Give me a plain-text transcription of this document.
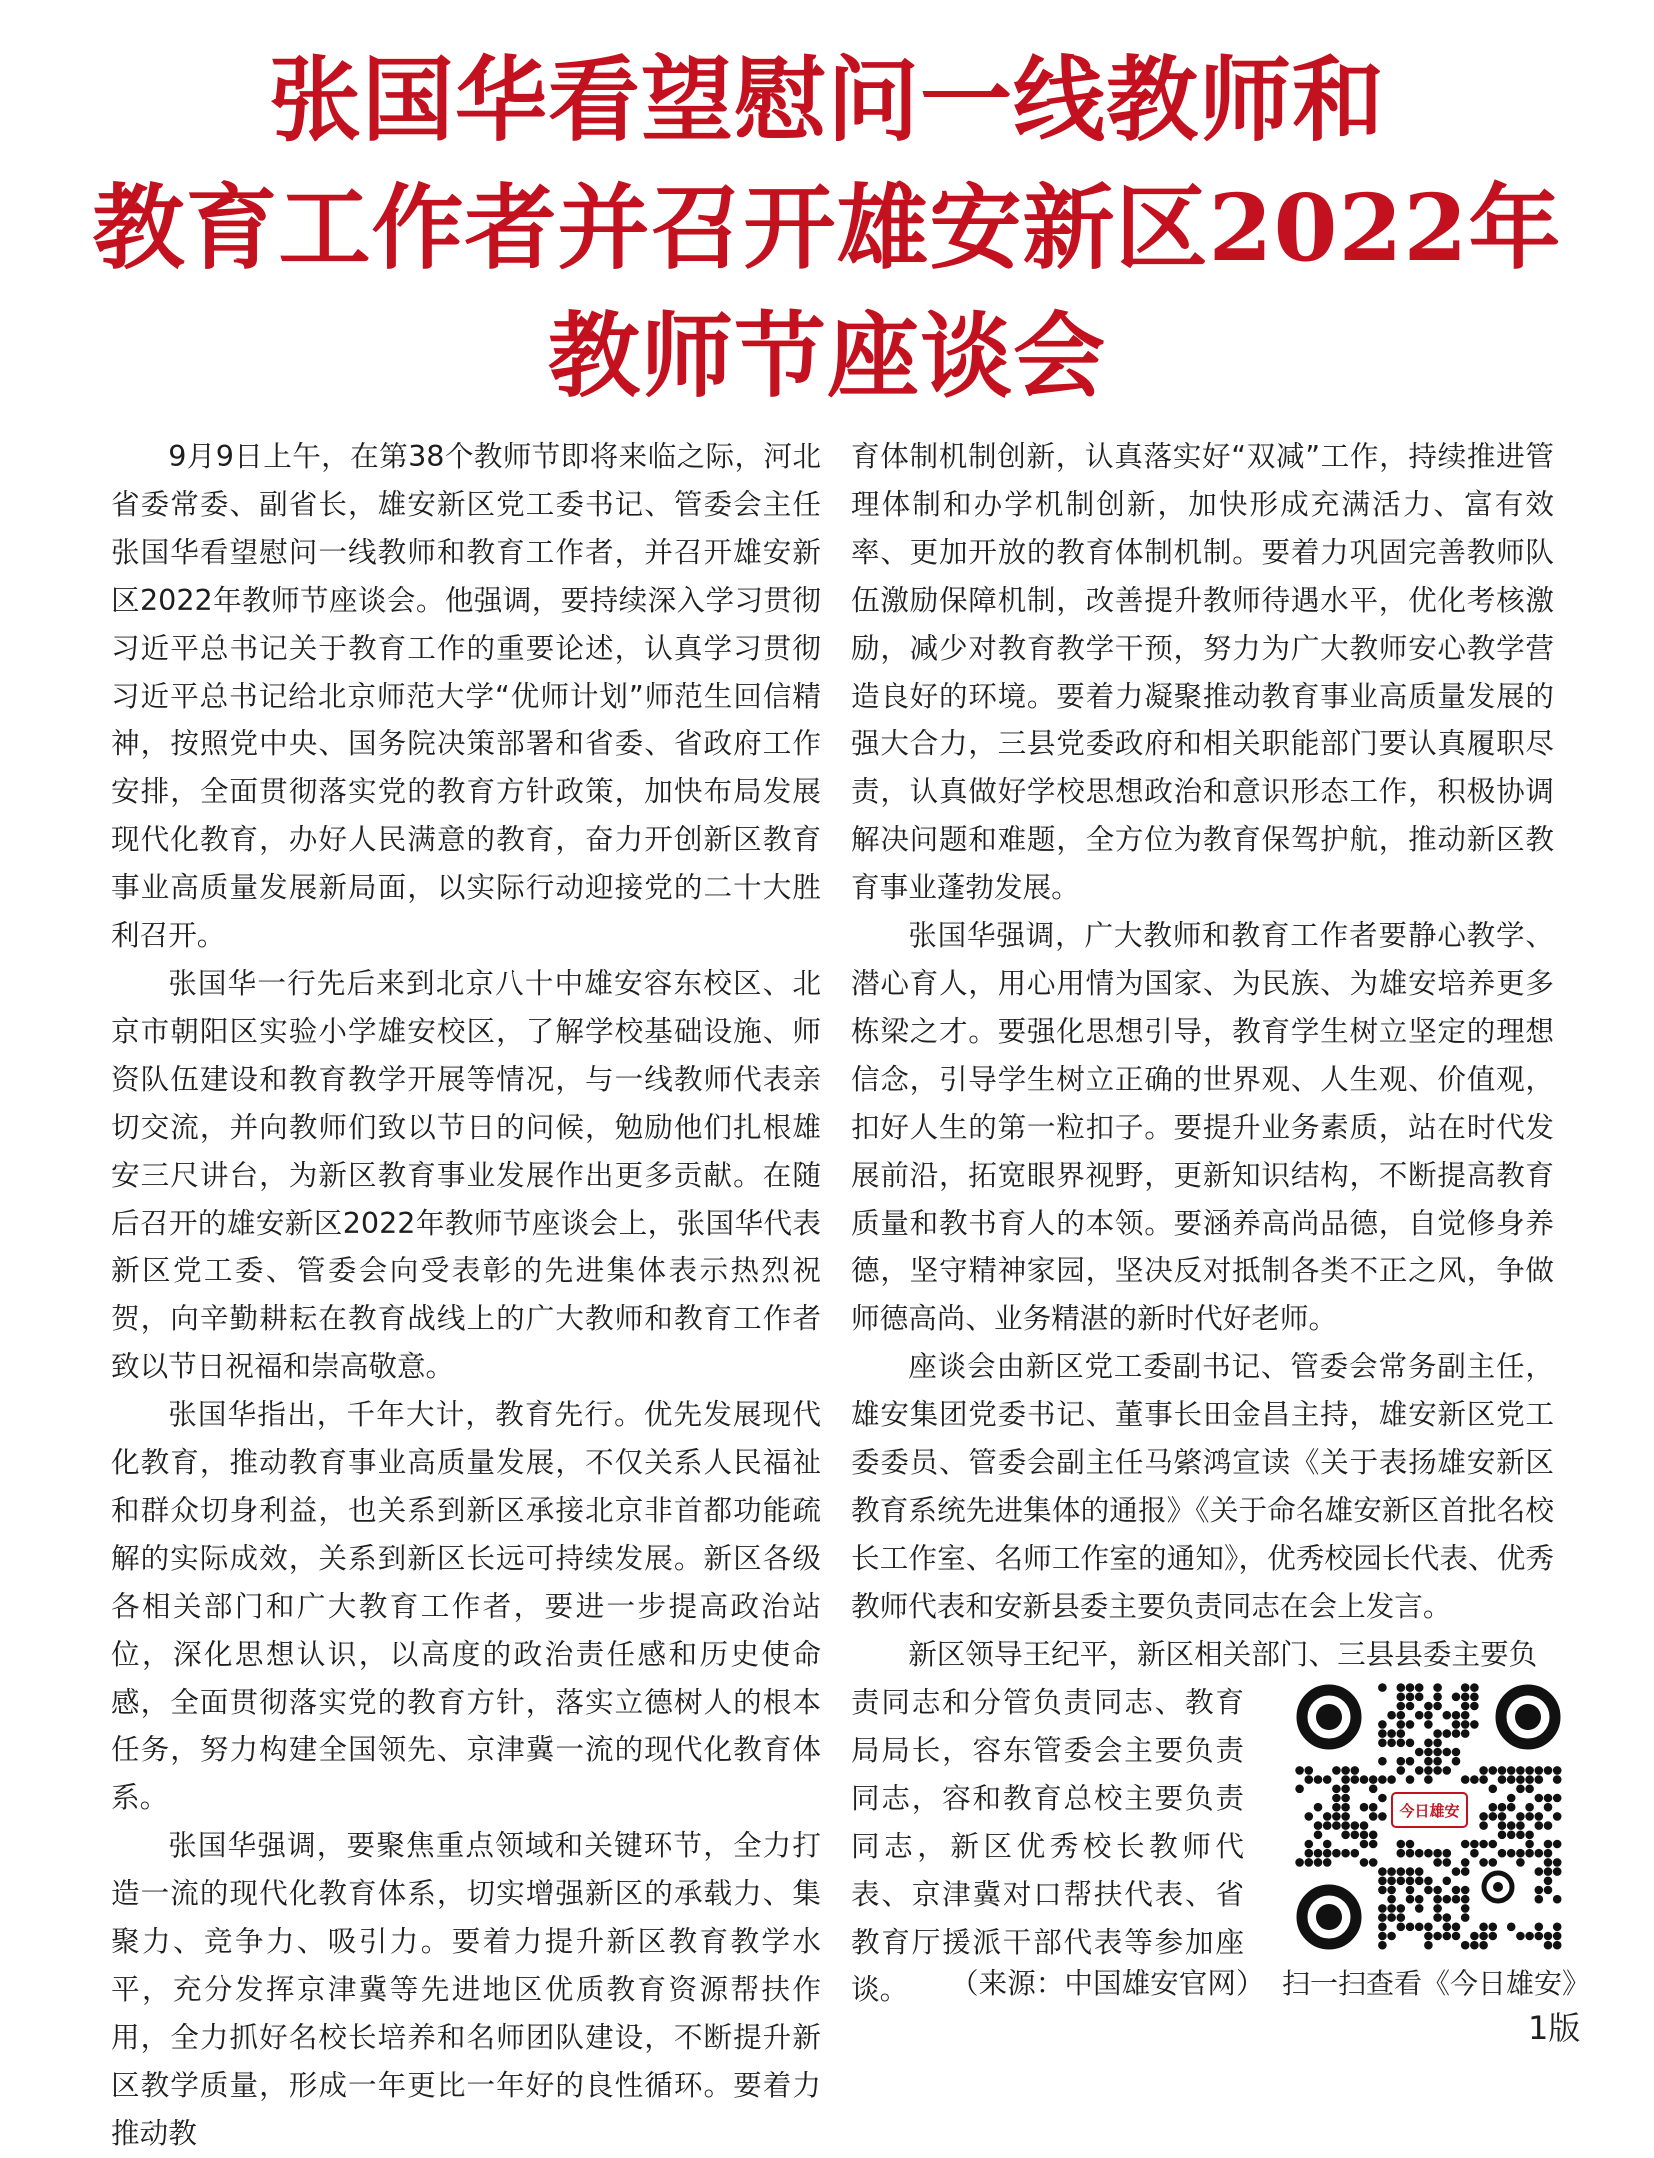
张国华看望慰问一线教师和
教育工作者并召开雄安新区2022年
教师节座谈会

9月9日上午，在第38个教师节即将来临之际，河北省委常委、副省长，雄安新区党工委书记、管委会主任张国华看望慰问一线教师和教育工作者，并召开雄安新区2022年教师节座谈会。他强调，要持续深入学习贯彻习近平总书记关于教育工作的重要论述，认真学习贯彻习近平总书记给北京师范大学“优师计划”师范生回信精神，按照党中央、国务院决策部署和省委、省政府工作安排，全面贯彻落实党的教育方针政策，加快布局发展现代化教育，办好人民满意的教育，奋力开创新区教育事业高质量发展新局面，以实际行动迎接党的二十大胜利召开。

张国华一行先后来到北京八十中雄安容东校区、北京市朝阳区实验小学雄安校区，了解学校基础设施、师资队伍建设和教育教学开展等情况，与一线教师代表亲切交流，并向教师们致以节日的问候，勉励他们扎根雄安三尺讲台，为新区教育事业发展作出更多贡献。在随后召开的雄安新区2022年教师节座谈会上，张国华代表新区党工委、管委会向受表彰的先进集体表示热烈祝贺，向辛勤耕耘在教育战线上的广大教师和教育工作者致以节日祝福和崇高敬意。

张国华指出，千年大计，教育先行。优先发展现代化教育，推动教育事业高质量发展，不仅关系人民福祉和群众切身利益，也关系到新区承接北京非首都功能疏解的实际成效，关系到新区长远可持续发展。新区各级各相关部门和广大教育工作者，要进一步提高政治站位，深化思想认识，以高度的政治责任感和历史使命感，全面贯彻落实党的教育方针，落实立德树人的根本任务，努力构建全国领先、京津冀一流的现代化教育体系。

张国华强调，要聚焦重点领域和关键环节，全力打造一流的现代化教育体系，切实增强新区的承载力、集聚力、竞争力、吸引力。要着力提升新区教育教学水平，充分发挥京津冀等先进地区优质教育资源帮扶作用，全力抓好名校长培养和名师团队建设，不断提升新区教学质量，形成一年更比一年好的良性循环。要着力推动教

育体制机制创新，认真落实好“双减”工作，持续推进管理体制和办学机制创新，加快形成充满活力、富有效率、更加开放的教育体制机制。要着力巩固完善教师队伍激励保障机制，改善提升教师待遇水平，优化考核激励，减少对教育教学干预，努力为广大教师安心教学营造良好的环境。要着力凝聚推动教育事业高质量发展的强大合力，三县党委政府和相关职能部门要认真履职尽责，认真做好学校思想政治和意识形态工作，积极协调解决问题和难题，全方位为教育保驾护航，推动新区教育事业蓬勃发展。

张国华强调，广大教师和教育工作者要静心教学、潜心育人，用心用情为国家、为民族、为雄安培养更多栋梁之才。要强化思想引导，教育学生树立坚定的理想信念，引导学生树立正确的世界观、人生观、价值观，扣好人生的第一粒扣子。要提升业务素质，站在时代发展前沿，拓宽眼界视野，更新知识结构，不断提高教育质量和教书育人的本领。要涵养高尚品德，自觉修身养德，坚守精神家园，坚决反对抵制各类不正之风，争做师德高尚、业务精湛的新时代好老师。

座谈会由新区党工委副书记、管委会常务副主任，雄安集团党委书记、董事长田金昌主持，雄安新区党工委委员、管委会副主任马綮鸿宣读《关于表扬雄安新区教育系统先进集体的通报》《关于命名雄安新区首批名校长工作室、名师工作室的通知》，优秀校园长代表、优秀教师代表和安新县委主要负责同志在会上发言。

新区领导王纪平，新区相关部门、三县县委主要负

责同志和分管负责同志、教育局局长，容东管委会主要负责同志，容和教育总校主要负责同志，新区优秀校长教师代表、京津冀对口帮扶代表、省教育厅援派干部代表等参加座谈。	（来源：中国雄安官网）
今日雄安
扫一扫查看《今日雄安》
1版
